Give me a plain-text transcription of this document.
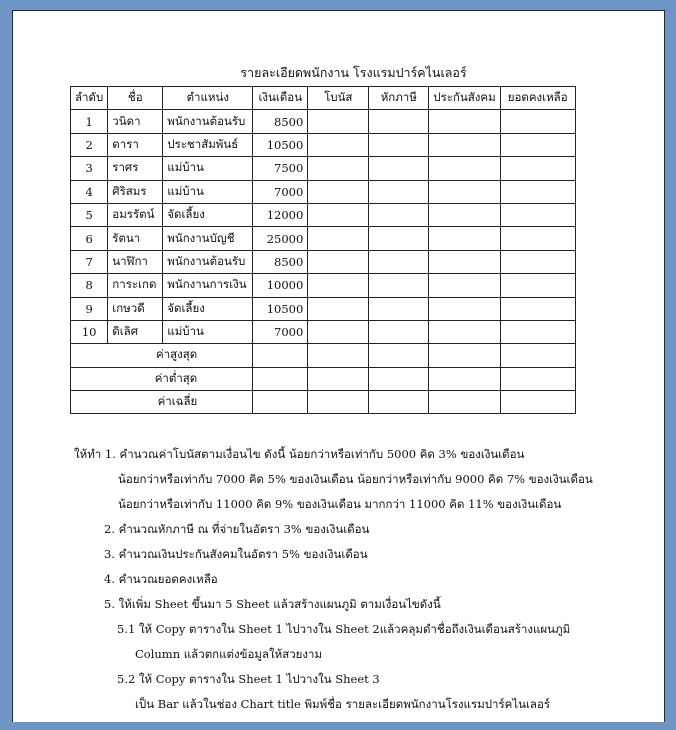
รายละเอียดพนักงาน โรงแรมปาร์คไนเลอร์
ลำดับ	ชื่อ	ตำแหน่ง	เงินเดือน	โบนัส	หักภาษี	ประกันสังคม	ยอดคงเหลือ
1	วนิดา	พนักงานต้อนรับ	8500				
2	ดารา	ประชาสัมพันธ์	10500				
3	ราศร	แม่บ้าน	7500				
4	ศิริสมร	แม่บ้าน	7000				
5	อมรรัตน์	จัดเลี้ยง	12000				
6	รัตนา	พนักงานบัญชี	25000				
7	นาฬิกา	พนักงานต้อนรับ	8500				
8	การะเกด	พนักงานการเงิน	10000				
9	เกษวดี	จัดเลี้ยง	10500				
10	ดิเลิศ	แม่บ้าน	7000				
ค่าสูงสุด							
ค่าต่ำสุด							
ค่าเฉลี่ย							
ให้ทำ 1. คำนวณค่าโบนัสตามเงื่อนไข ดังนี้ น้อยกว่าหรือเท่ากับ 5000 คิด 3% ของเงินเดือน
น้อยกว่าหรือเท่ากับ 7000 คิด 5% ของเงินเดือน น้อยกว่าหรือเท่ากับ 9000 คิด 7% ของเงินเดือน
น้อยกว่าหรือเท่ากับ 11000 คิด 9% ของเงินเดือน มากกว่า 11000 คิด 11% ของเงินเดือน
2. คำนวณหักภาษี ณ ที่จ่ายในอัตรา 3% ของเงินเดือน
3. คำนวณเงินประกันสังคมในอัตรา 5% ของเงินเดือน
4. คำนวณยอดคงเหลือ
5. ให้เพิ่ม Sheet ขึ้นมา 5 Sheet แล้วสร้างแผนภูมิ ตามเงื่อนไขดังนี้
5.1 ให้ Copy ตารางใน Sheet 1 ไปวางใน Sheet 2แล้วคลุมดำชื่อถึงเงินเดือนสร้างแผนภูมิ
Column แล้วตกแต่งข้อมูลให้สวยงาม
5.2 ให้ Copy ตารางใน Sheet 1 ไปวางใน Sheet 3
เป็น Bar แล้วในช่อง Chart title พิมพ์ชื่อ รายละเอียดพนักงานโรงแรมปาร์คไนเลอร์
